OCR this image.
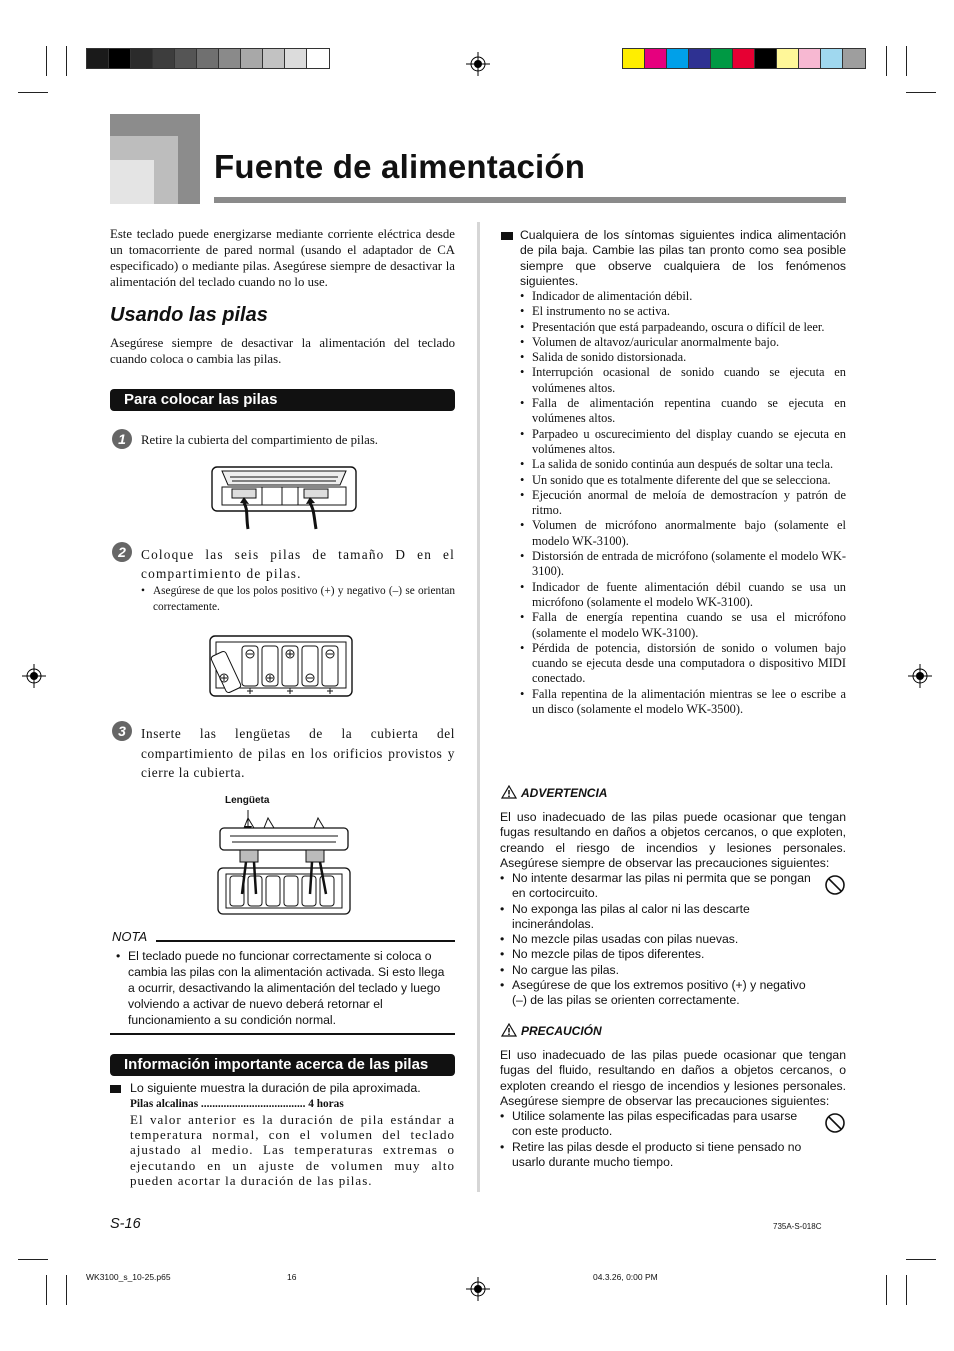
Fuente de alimentación

Este teclado puede energizarse mediante corriente eléctrica desde un tomacorriente de pared normal (usando el adaptador de CA especificado) o mediante pilas. Asegúrese siempre de desactivar la alimentación del teclado cuando no lo use.

Usando las pilas

Asegúrese siempre de desactivar la alimentación del teclado cuando coloca o cambia las pilas.

Para colocar las pilas
1	Retire la cubierta del compartimiento de pilas.

2	Coloque las seis pilas de tamaño D en el compartimiento de pilas.

• Asegúrese de que los polos positivo (+) y negativo (–) se orientan correctamente.
3	Inserte las lengüetas de la cubierta del compartimiento de pilas en los orificios provistos y cierre la cubierta.

Lengüeta
NOTA
• El teclado puede no funcionar correctamente si coloca o cambia las pilas con la alimentación activada. Si esto llega a ocurrir, desactivando la alimentación del teclado y luego volviendo a activar de nuevo deberá retornar el funcionamiento a su condición normal.
Información importante acerca de las pilas

Lo siguiente muestra la duración de pila aproximada.

Pilas alcalinas ..................................... 4 horas

El valor anterior es la duración de pila estándar a temperatura normal, con el volumen del teclado ajustado al medio. Las temperaturas extremas o ejecutando en un ajuste de volumen muy alto pueden acortar la duración de las pilas.

Cualquiera de los síntomas siguientes indica alimentación de pila baja. Cambie las pilas tan pronto como sea posible siempre que observe cualquiera de los fenómenos siguientes.

• Indicador de alimentación débil.
• El instrumento no se activa.
• Presentación que está parpadeando, oscura o difícil de leer.
• Volumen de altavoz/auricular anormalmente bajo.
• Salida de sonido distorsionada.
• Interrupción ocasional de sonido cuando se ejecuta en volúmenes altos.
• Falla de alimentación repentina cuando se ejecuta en volúmenes altos.
• Parpadeo u oscurecimiento del display cuando se ejecuta en volúmenes altos.
• La salida de sonido continúa aun después de soltar una tecla.
• Un sonido que es totalmente diferente del que se selecciona.
• Ejecución anormal de meloía de demostracíon y patrón de ritmo.
• Volumen de micrófono anormalmente bajo (solamente el modelo WK-3100).
• Distorsión de entrada de micrófono (solamente el modelo WK-3100).
• Indicador de fuente alimentación débil cuando se usa un micrófono (solamente el modelo WK-3100).
• Falla de energía repentina cuando se usa el micrófono (solamente el modelo WK-3100).
• Pérdida de potencia, distorsión de sonido o volumen bajo cuando se ejecuta desde una computadora o dispositivo MIDI conectado.
• Falla repentina de la alimentación mientras se lee o escribe a un disco (solamente el modelo WK-3500).
ADVERTENCIA

El uso inadecuado de las pilas puede ocasionar que tengan fugas resultando en daños a objetos cercanos, o que exploten, creando el riesgo de incendios y lesiones personales. Asegúrese siempre de observar las precauciones siguientes:

• No intente desarmar las pilas ni permita que se pongan en cortocircuito.
• No exponga las pilas al calor ni las descarte incinerándolas.
• No mezcle pilas usadas con pilas nuevas.
• No mezcle pilas de tipos diferentes.
• No cargue las pilas.
• Asegúrese de que los extremos positivo (+) y negativo (–) de las pilas se orienten correctamente.
PRECAUCIÓN

El uso inadecuado de las pilas puede ocasionar que tengan fugas del fluido, resultando en daños a objetos cercanos, o exploten creando el riesgo de incendios y lesiones personales. Asegúrese siempre de observar las precauciones siguientes:

• Utilice solamente las pilas especificadas para usarse con este producto.
• Retire las pilas desde el producto si tiene pensado no usarlo durante mucho tiempo.
S-16	735A-S-018C
WK3100_s_10-25.p65	16	04.3.26, 0:00 PM
